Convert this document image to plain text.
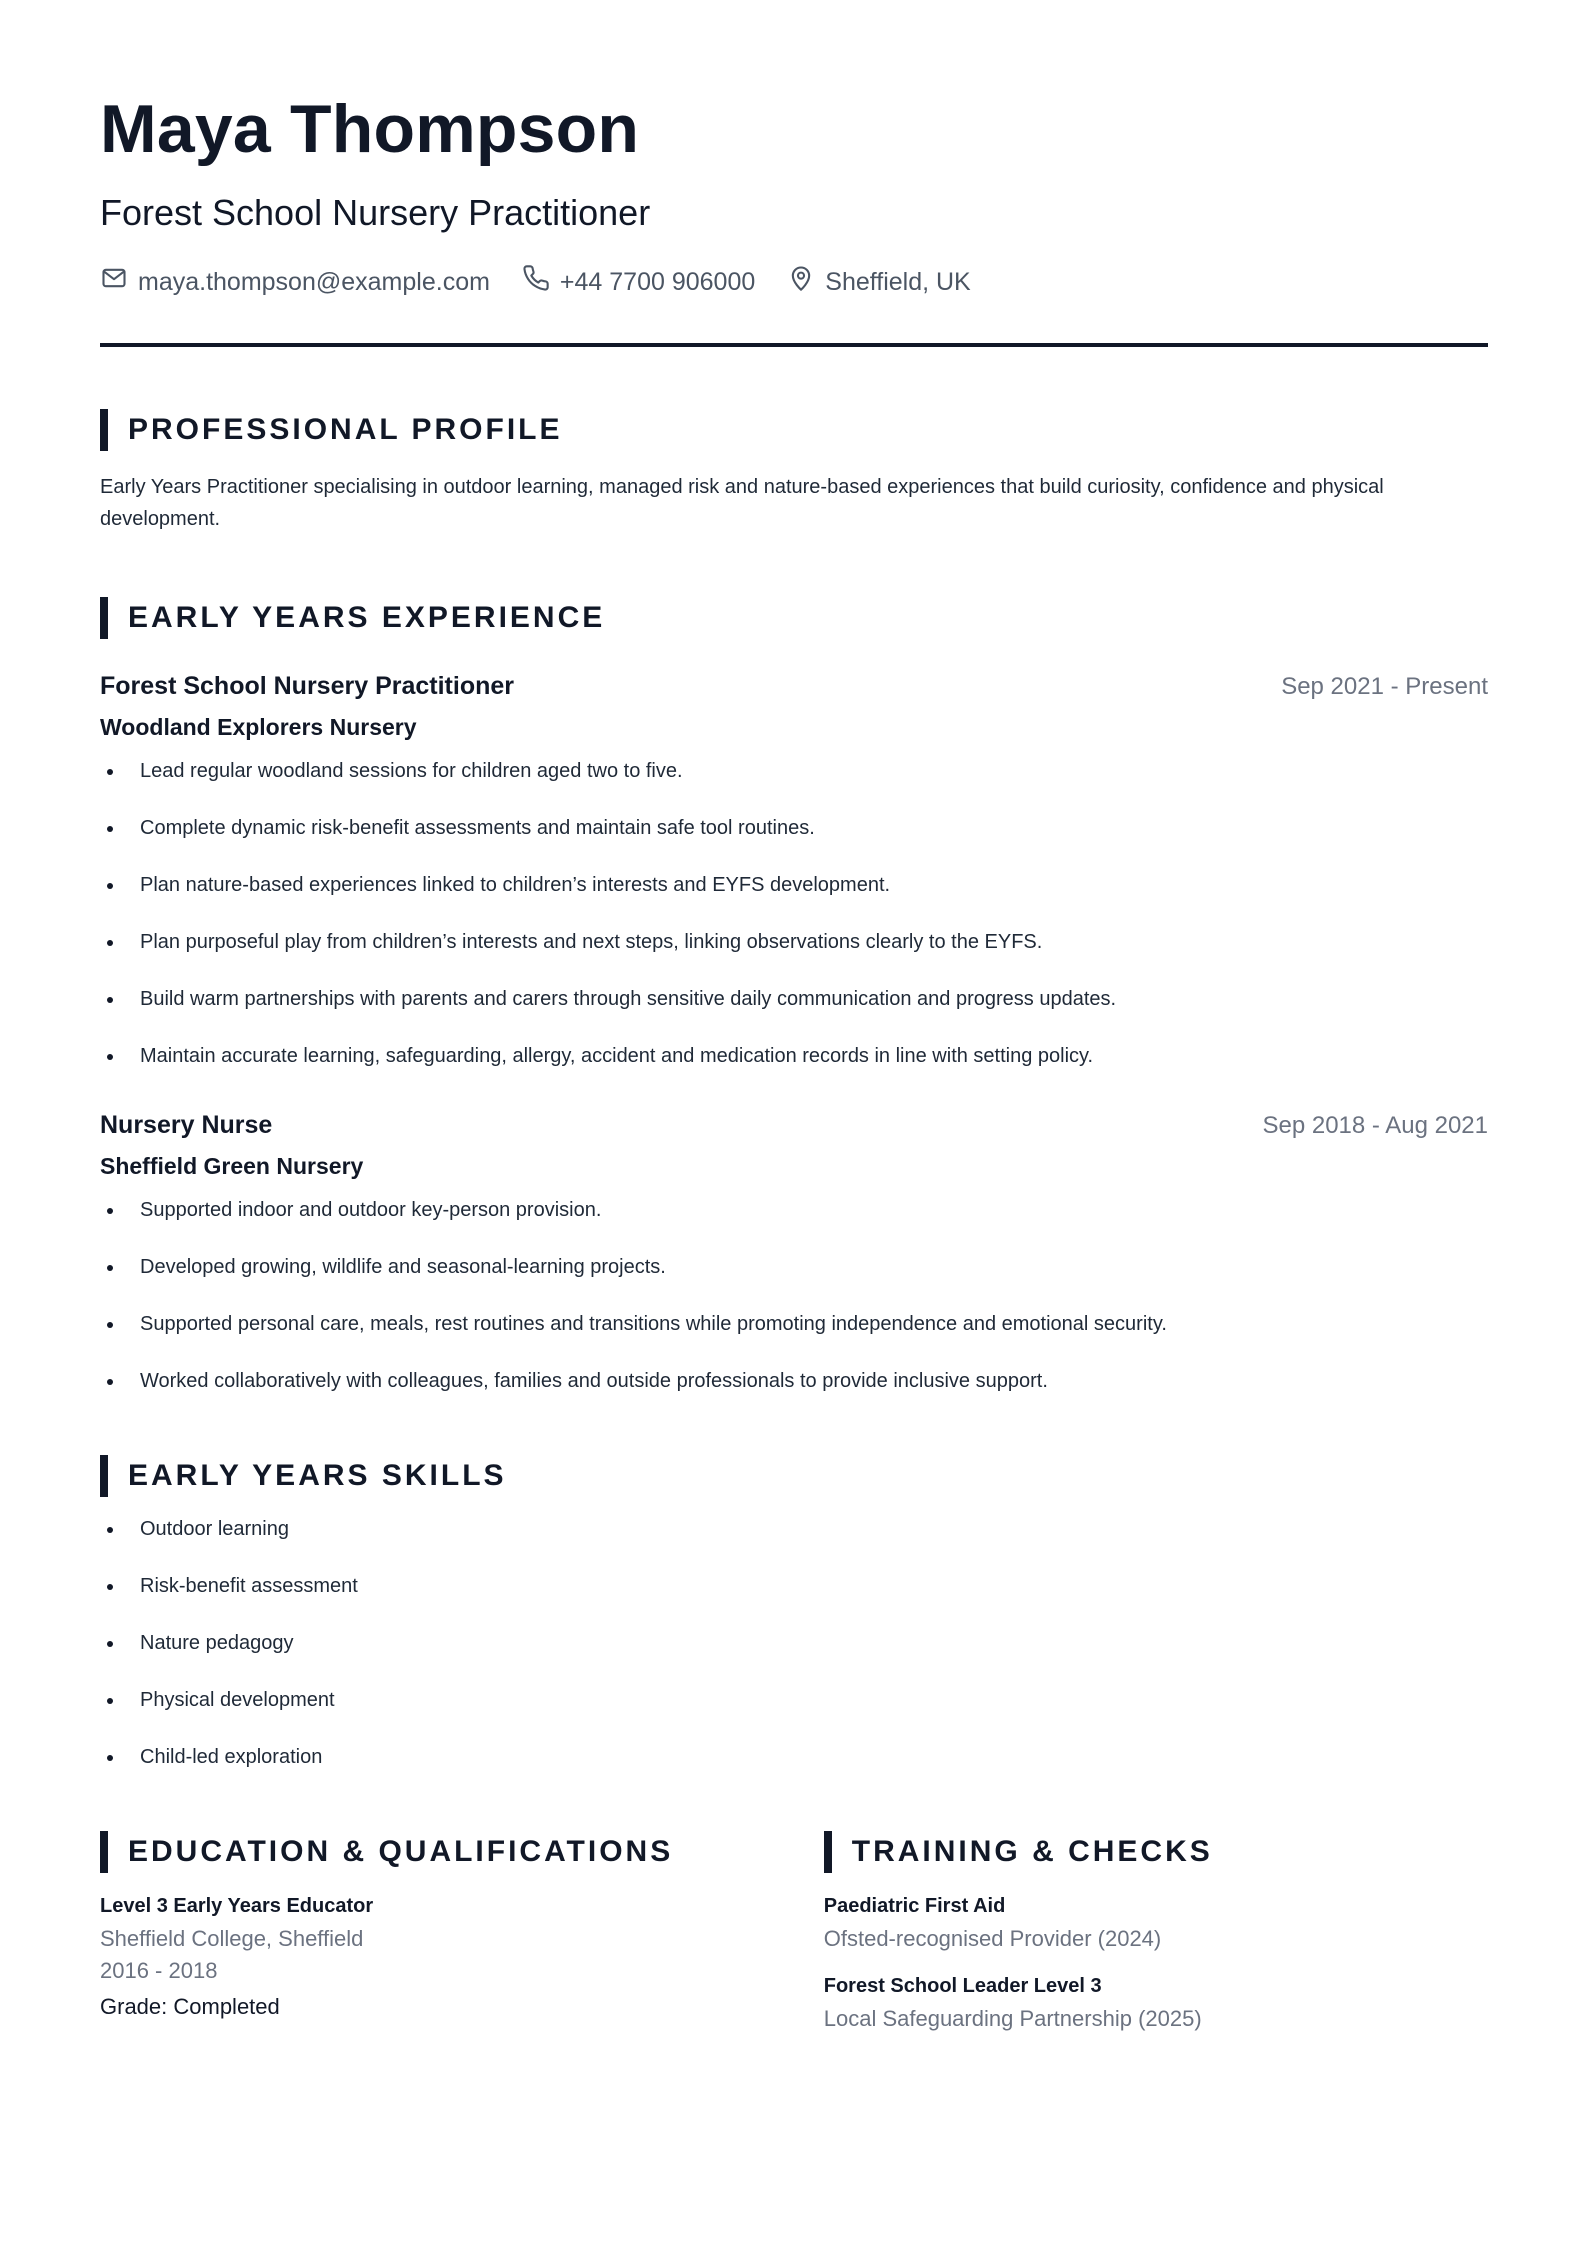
Maya Thompson
Forest School Nursery Practitioner
maya.thompson@example.com	+44 7700 906000	Sheffield, UK
PROFESSIONAL PROFILE

Early Years Practitioner specialising in outdoor learning, managed risk and nature-based experiences that build curiosity, confidence and physical development.

EARLY YEARS EXPERIENCE
Forest School Nursery Practitioner	Sep 2021 - Present
Woodland Explorers Nursery
Lead regular woodland sessions for children aged two to five.
Complete dynamic risk-benefit assessments and maintain safe tool routines.
Plan nature-based experiences linked to children’s interests and EYFS development.
Plan purposeful play from children’s interests and next steps, linking observations clearly to the EYFS.
Build warm partnerships with parents and carers through sensitive daily communication and progress updates.
Maintain accurate learning, safeguarding, allergy, accident and medication records in line with setting policy.
Nursery Nurse	Sep 2018 - Aug 2021
Sheffield Green Nursery
Supported indoor and outdoor key-person provision.
Developed growing, wildlife and seasonal-learning projects.
Supported personal care, meals, rest routines and transitions while promoting independence and emotional security.
Worked collaboratively with colleagues, families and outside professionals to provide inclusive support.
EARLY YEARS SKILLS
Outdoor learning
Risk-benefit assessment
Nature pedagogy
Physical development
Child-led exploration
EDUCATION & QUALIFICATIONS
Level 3 Early Years Educator
Sheffield College, Sheffield
2016 - 2018
Grade: Completed
TRAINING & CHECKS
Paediatric First Aid
Ofsted-recognised Provider (2024)
Forest School Leader Level 3
Local Safeguarding Partnership (2025)
